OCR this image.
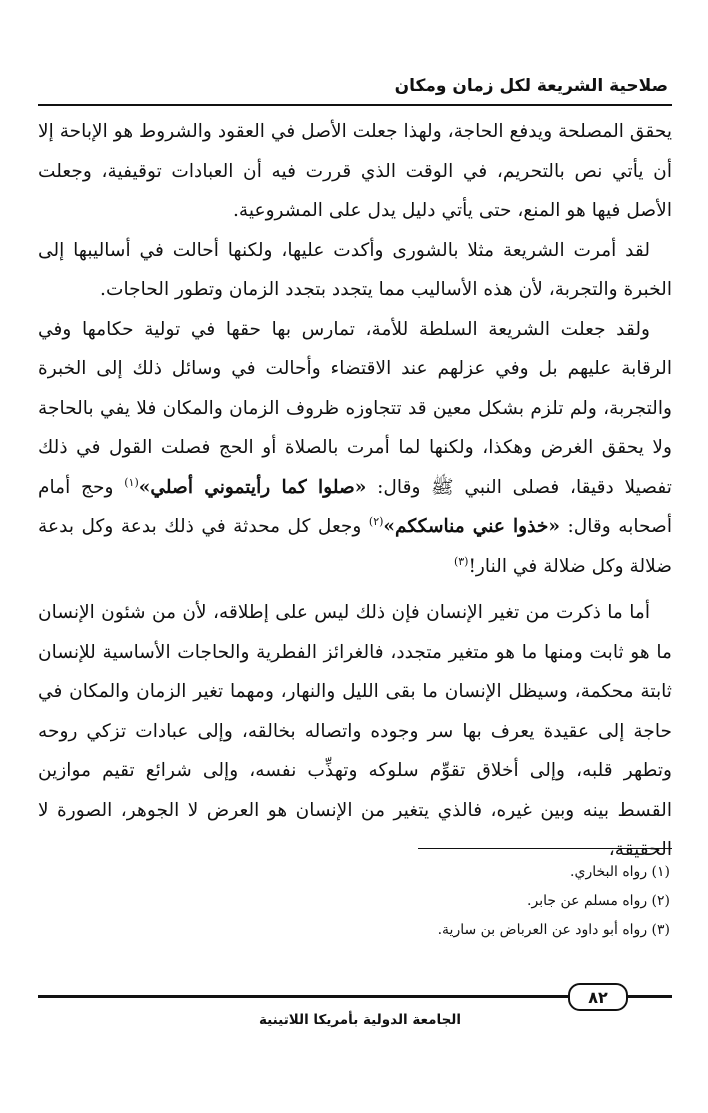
صلاحية الشريعة لكل زمان ومكان

يحقق المصلحة ويدفع الحاجة، ولهذا جعلت الأصل في العقود والشروط هو الإباحة إلا أن يأتي نص بالتحريم، في الوقت الذي قررت فيه أن العبادات توقيفية، وجعلت الأصل فيها هو المنع، حتى يأتي دليل يدل على المشروعية.

لقد أمرت الشريعة مثلا بالشورى وأكدت عليها، ولكنها أحالت في أساليبها إلى الخبرة والتجربة، لأن هذه الأساليب مما يتجدد بتجدد الزمان وتطور الحاجات.

ولقد جعلت الشريعة السلطة للأمة، تمارس بها حقها في تولية حكامها وفي الرقابة عليهم بل وفي عزلهم عند الاقتضاء وأحالت في وسائل ذلك إلى الخبرة والتجربة، ولم تلزم بشكل معين قد تتجاوزه ظروف الزمان والمكان فلا يفي بالحاجة ولا يحقق الغرض وهكذا، ولكنها لما أمرت بالصلاة أو الحج فصلت القول في ذلك تفصيلا دقيقا، فصلى النبي ﷺ وقال: «صلوا كما رأيتموني أصلي»$^{(١)}$ وحج أمام أصحابه وقال: «خذوا عني مناسككم»$^{(٢)}$ وجعل كل محدثة في ذلك بدعة وكل بدعة ضلالة وكل ضلالة في النار!$^{(٣)}$

أما ما ذكرت من تغير الإنسان فإن ذلك ليس على إطلاقه، لأن من شئون الإنسان ما هو ثابت ومنها ما هو متغير متجدد، فالغرائز الفطرية والحاجات الأساسية للإنسان ثابتة محكمة، وسيظل الإنسان ما بقى الليل والنهار، ومهما تغير الزمان والمكان في حاجة إلى عقيدة يعرف بها سر وجوده واتصاله بخالقه، وإلى عبادات تزكي روحه وتطهر قلبه، وإلى أخلاق تقوِّم سلوكه وتهذِّب نفسه، وإلى شرائع تقيم موازين القسط بينه وبين غيره، فالذي يتغير من الإنسان هو العرض لا الجوهر، الصورة لا الحقيقة،

(١) رواه البخاري.
(٢) رواه مسلم عن جابر.
(٣) رواه أبو داود عن العرباض بن سارية.
٨٢
الجامعة الدولية بأمريكا اللاتينية
